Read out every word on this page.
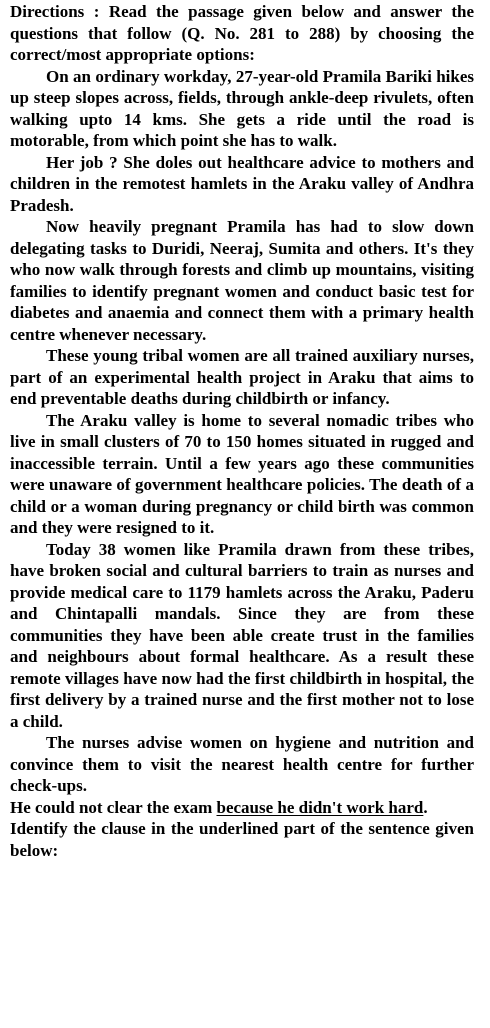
Directions : Read the passage given below and answer the questions that follow (Q. No. 281 to 288) by choosing the correct/most appropriate options:

On an ordinary workday, 27-year-old Pramila Bariki hikes up steep slopes across, fields, through ankle-deep rivulets, often walking upto 14 kms. She gets a ride until the road is motorable, from which point she has to walk.

Her job ? She doles out healthcare advice to mothers and children in the remotest hamlets in the Araku valley of Andhra Pradesh.

Now heavily pregnant Pramila has had to slow down delegating tasks to Duridi, Neeraj, Sumita and others. It's they who now walk through forests and climb up mountains, visiting families to identify pregnant women and conduct basic test for diabetes and anaemia and connect them with a primary health centre whenever necessary.

These young tribal women are all trained auxiliary nurses, part of an experimental health project in Araku that aims to end preventable deaths during childbirth or infancy.

The Araku valley is home to several nomadic tribes who live in small clusters of 70 to 150 homes situated in rugged and inaccessible terrain. Until a few years ago these communities were unaware of government healthcare policies. The death of a child or a woman during pregnancy or child birth was common and they were resigned to it.

Today 38 women like Pramila drawn from these tribes, have broken social and cultural barriers to train as nurses and provide medical care to 1179 hamlets across the Araku, Paderu and Chintapalli mandals. Since they are from these communities they have been able create trust in the families and neighbours about formal healthcare. As a result these remote villages have now had the first childbirth in hospital, the first delivery by a trained nurse and the first mother not to lose a child.

The nurses advise women on hygiene and nutrition and convince them to visit the nearest health centre for further check-ups.

He could not clear the exam because he didn't work hard.

Identify the clause in the underlined part of the sentence given below:
